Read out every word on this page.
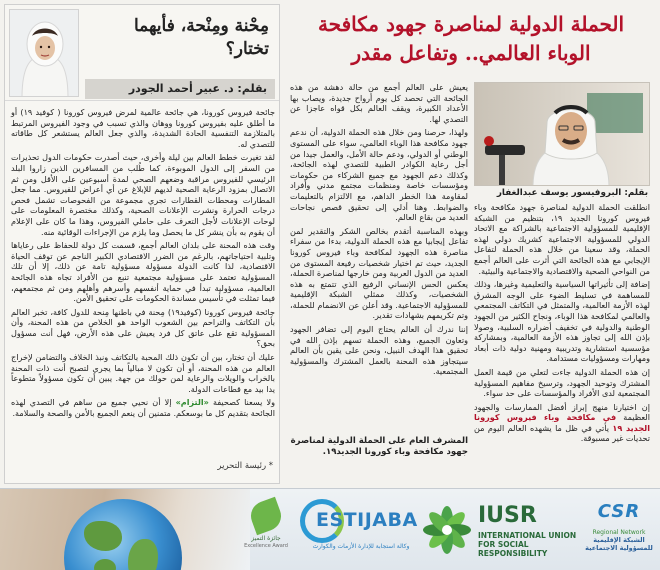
مِحْنة ومِنْحة، فأيهما
تختار؟
بقلم: د. عبير أحمد الجودر

جائحة فيروس كورونا، هي جائحة عالمية لمرض فيروس كورونا ( كوفيد ١٩) أو ما أطلق عليه بفيروس كورونا ووهان والذي تسبب في وجود الفيروس المرتبط بالمتلازمة التنفسية الحادة الشديدة، والذي جعل العالم يستشعر كل طاقاته للتصدي له.

لقد تغيرت خطط العالم بين ليلة وأخرى، حيث أصدرت حكومات الدول تحذيرات من السفر إلى الدول الموبوءة، كما طُلب من المسافرين الذين زاروا البلد الرئيسي للفيروس مراقبة وضعهم الصحي لمدة أسبوعين على الأقل ومن ثم الاتصال بمزود الرعاية الصحية لديهم للإبلاغ عن أي أعراض للفيروس. مما جعل المطارات ومحطات القطارات تجري مجموعة من الفحوصات تشمل فحص درجات الحرارة ونشرت الإعلانات الصحية، وكذلك مختصرة المعلومات على لوحات الإعلانات لأجل التعرف على حاملي الفيروس، وهذا ما كان على الإعلام أن يقوم به بأن ينشر كل ما يحصل وما يلزم من الإجراءات الوقائية منه.

وقت هذه المحنة على بلدان العالم أجمع، قسمت كل دولة للحفاظ على رعاياها وتلبية احتياجاتهم، بالرغم من الضرر الاقتصادي الكبير الناجم عن توقف الحياة الاقتصادية، لذا كانت الدولة مسؤولة مسؤولية تامة عن ذلك، إلا أن تلك المسؤولية تعتمد على مسؤولية مجتمعية تنبع من الأفراد تجاه هذه الجائحة العالمية، مسؤولية تبدأ في حماية أنفسهم وأسرهم وأهلهم ومن ثم مجتمعهم، فيما تمثلت في تأسيس مساندة الحكومات على تحقيق الأمن.

جائحة فيروس كورونا (كوفيد١٩) مِحنة في باطنها مِنحة للدول كافة، تخبر العالم بأن التكاتف والتراحم بين الشعوب الواحد هو الخلاص من هذه المحنة، وأن المسؤولية تقع على عاتق كل فرد يعيش على هذه الأرض، فهل أنت مسؤول بحق؟

عليك أن تختار، بين أن تكون ذلك المحبة بالتكاتف ونبذ الخلاف والتضامن لإخراج العالم من هذه المحنة، أو أن تكون لا مبالياً بما يجري لتصبح أنت ذات المحنة بالخراب والويلات والرعاية لمن حولك من جهة. يبين أن تكون مسؤولاً متطوعاً يدا بيد مع قطاعات الدولة.

ولا يسعنا كصحيفة «التزام» إلا أن نحيي جميع من ساهم في التصدي لهذه الجائحة بتقديم كل ما بوسعكم. متمنين أن ينعم الجميع بالأمن والصحة والسلامة.

* رئيسة التحرير
الحملة الدولية لمناصرة جهود مكافحة
الوباء العالمي.. وتفاعل مقدر
بقلم: البروفيسور يوسف عبدالغفار

انطلقت الحملة الدولية لمناصرة جهود مكافحة وباء فيروس كورونا الجديد ١٩، بتنظيم من الشبكة الإقليمية للمسؤولية الاجتماعية بالشراكة مع الاتحاد الدولي للمسؤولية الاجتماعية كشريك دولي لهذه الحملة، وقد سعينا من خلال هذه الحملة لتفاعل الإيجابي مع هذه الجائحة التي أثرت على العالم أجمع من النواحي الصحية والاقتصادية والاجتماعية والبيئية.

إضافة إلى تأثيراتها السياسية والتعليمية وغيرها، وذلك للمساهمة في تسليط الضوء على الوجه المشرق لهذه الأزمة العالمية، والمتمثل في التكاتف المجتمعي والعالمي لمكافحة هذا الوباء، ونجاح الكثير من الجهود الوطنية والدولية في تخفيف أضراره السلبية، وصولا بإذن الله إلى تجاوز هذه الأزمة العالمية، وبمشاركة مؤسسية استشارية وتدريبية ومهنية دولية ذات أبعاد ومهارات ومسؤوليات مستدامة.

إن هذه الحملة الدولية جاءت لتعلي من قيمة العمل المشترك وتوحيد الجهود، وترسيخ مفاهيم المسؤولية المجتمعية لدى الأفراد والمؤسسات على حد سواء.

إن اختيارنا منهج إبراز أفضل الممارسات والجهود العظيمة في مكافحة وباء فيروس كورونا الجديد ١٩ يأتي في ظل ما يشهده العالم اليوم من تحديات غير مسبوقة.

يعيش على العالم أجمع من حالة دهشة من هذه الجائحة التي تحصد كل يوم أرواح جديدة، ويصاب بها الأعداد الكبيرة، ويقف العالم بكل قواه عاجزا عن التصدي لها.

ولهذا، حرصنا ومن خلال هذه الحملة الدولية، أن ندعم جهود مكافحة هذا الوباء العالمي، سواء على المستوى الوطني أو الدولي، ودعم حالة الأمل، والعمل جيدا من أجل رعاية الكوادر الطبية للتصدي لهذه الجائحة، وكذلك دعم الجهود مع جميع الشركاء من حكومات ومؤسسات خاصة ومنظمات مجتمع مدني وأفراد لمقاومة هذا الخطر الداهم، مع الالتزام بالتعليمات والضوابط. وهنا أدلي إلى تحقيق قصص نجاحات العديد من بقاع العالم.

وبهذه المناسبة أتقدم بخالص الشكر والتقدير لمن تفاعل إيجابيا مع هذه الحملة الدولية، بدءا من سفراء مناصرة هذه الجهود لمكافحة وباء فيروس كورونا الجديد، حيث تم اختيار شخصيات رفيعة المستوى من العديد من الدول العربية ومن خارجها لمناصرة الحملة، يعكس الحس الإنساني الرفيع الذي تتمتع به هذه الشخصيات، وكذلك ممثلي الشبكة الإقليمية للمسؤولية الاجتماعية. وقد أعلن عن الانضمام للحملة، وتم تكريمهم بشهادات تقدير.

إننا ندرك أن العالم يحتاج اليوم إلى تضافر الجهود وتعاون الجميع، وهذه الحملة تسهم بإذن الله في تحقيق هذا الهدف النبيل، ونحن على يقين بأن العالم سيتجاوز هذه المحنة بالعمل المشترك والمسؤولية المجتمعية.

المشرف العام على الحملة الدولية لمناصرة جهود مكافحة وباء كورونا الجديد١٩.
جائزة التميز
Excellence Award
ESTIJABA
وكالة استجابة للإدارة الأزمات والكوارث
IUSR
INTERNATIONAL UNION
FOR SOCIAL RESPONSIBILITY
CSR
Regional Network
الشبكة الإقليمية للمسؤولية الاجتماعية
